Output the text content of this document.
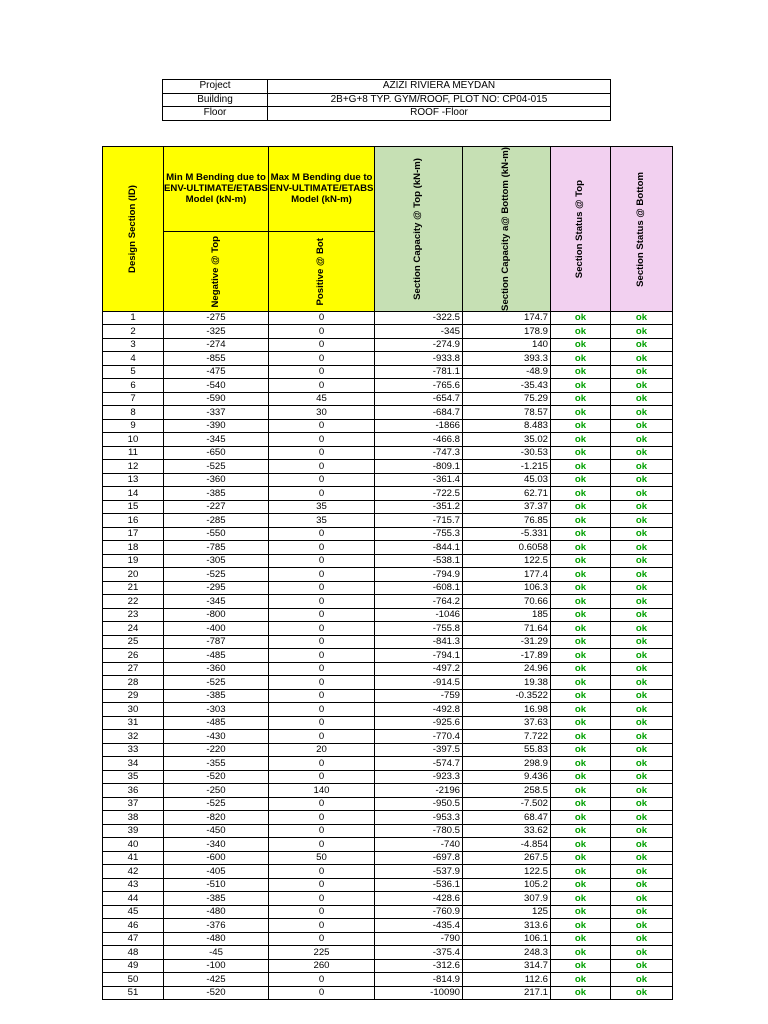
Project	AZIZI RIVIERA MEYDAN
Building	2B+G+8 TYP. GYM/ROOF, PLOT NO: CP04-015
Floor	ROOF -Floor
Design Section (ID)	Min M Bending due to ENV-ULTIMATE/ETABS Model (kN-m)	Max M Bending due to ENV-ULTIMATE/ETABS Model (kN-m)	Section Capacity @ Top (kN-m)	Section Capacity a@ Bottom (kN-m)	Section Status @ Top	Section Status @ Bottom

	Negative @ Top	Positive @ Bot				

1	-275	0	-322.5	174.7	ok	ok
2	-325	0	-345	178.9	ok	ok
3	-274	0	-274.9	140	ok	ok
4	-855	0	-933.8	393.3	ok	ok
5	-475	0	-781.1	-48.9	ok	ok
6	-540	0	-765.6	-35.43	ok	ok
7	-590	45	-654.7	75.29	ok	ok
8	-337	30	-684.7	78.57	ok	ok
9	-390	0	-1866	8.483	ok	ok
10	-345	0	-466.8	35.02	ok	ok
11	-650	0	-747.3	-30.53	ok	ok
12	-525	0	-809.1	-1.215	ok	ok
13	-360	0	-361.4	45.03	ok	ok
14	-385	0	-722.5	62.71	ok	ok
15	-227	35	-351.2	37.37	ok	ok
16	-285	35	-715.7	76.85	ok	ok
17	-550	0	-755.3	-5.331	ok	ok
18	-785	0	-844.1	0.6058	ok	ok
19	-305	0	-538.1	122.5	ok	ok
20	-525	0	-794.9	177.4	ok	ok
21	-295	0	-608.1	106.3	ok	ok
22	-345	0	-764.2	70.66	ok	ok
23	-800	0	-1046	185	ok	ok
24	-400	0	-755.8	71.64	ok	ok
25	-787	0	-841.3	-31.29	ok	ok
26	-485	0	-794.1	-17.89	ok	ok
27	-360	0	-497.2	24.96	ok	ok
28	-525	0	-914.5	19.38	ok	ok
29	-385	0	-759	-0.3522	ok	ok
30	-303	0	-492.8	16.98	ok	ok
31	-485	0	-925.6	37.63	ok	ok
32	-430	0	-770.4	7.722	ok	ok
33	-220	20	-397.5	55.83	ok	ok
34	-355	0	-574.7	298.9	ok	ok
35	-520	0	-923.3	9.436	ok	ok
36	-250	140	-2196	258.5	ok	ok
37	-525	0	-950.5	-7.502	ok	ok
38	-820	0	-953.3	68.47	ok	ok
39	-450	0	-780.5	33.62	ok	ok
40	-340	0	-740	-4.854	ok	ok
41	-600	50	-697.8	267.5	ok	ok
42	-405	0	-537.9	122.5	ok	ok
43	-510	0	-536.1	105.2	ok	ok
44	-385	0	-428.6	307.9	ok	ok
45	-480	0	-760.9	125	ok	ok
46	-376	0	-435.4	313.6	ok	ok
47	-480	0	-790	106.1	ok	ok
48	-45	225	-375.4	248.3	ok	ok
49	-100	260	-312.6	314.7	ok	ok
50	-425	0	-814.9	112.6	ok	ok
51	-520	0	-10090	217.1	ok	ok
